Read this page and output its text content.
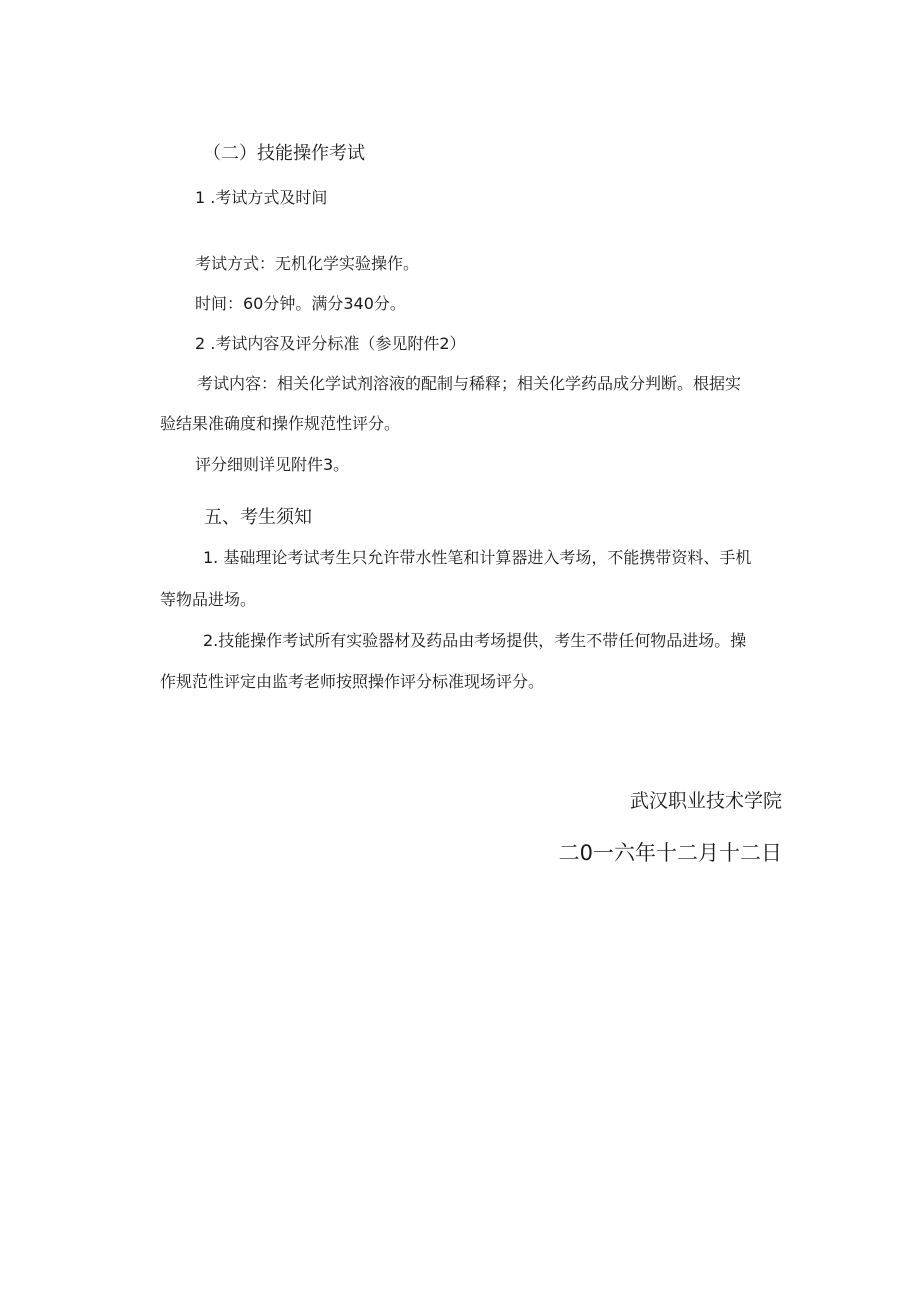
（二）技能操作考试
1 .考试方式及时间
考试方式：无机化学实验操作。
时间：60分钟。满分340分。
2 .考试内容及评分标准（参见附件2）
考试内容：相关化学试剂溶液的配制与稀释；相关化学药品成分判断。根据实
验结果准确度和操作规范性评分。
评分细则详见附件3。
五、考生须知
1. 基础理论考试考生只允许带水性笔和计算器进入考场，不能携带资料、手机
等物品进场。
2.技能操作考试所有实验器材及药品由考场提供，考生不带任何物品进场。操
作规范性评定由监考老师按照操作评分标准现场评分。
武汉职业技术学院
二0一六年十二月十二日
